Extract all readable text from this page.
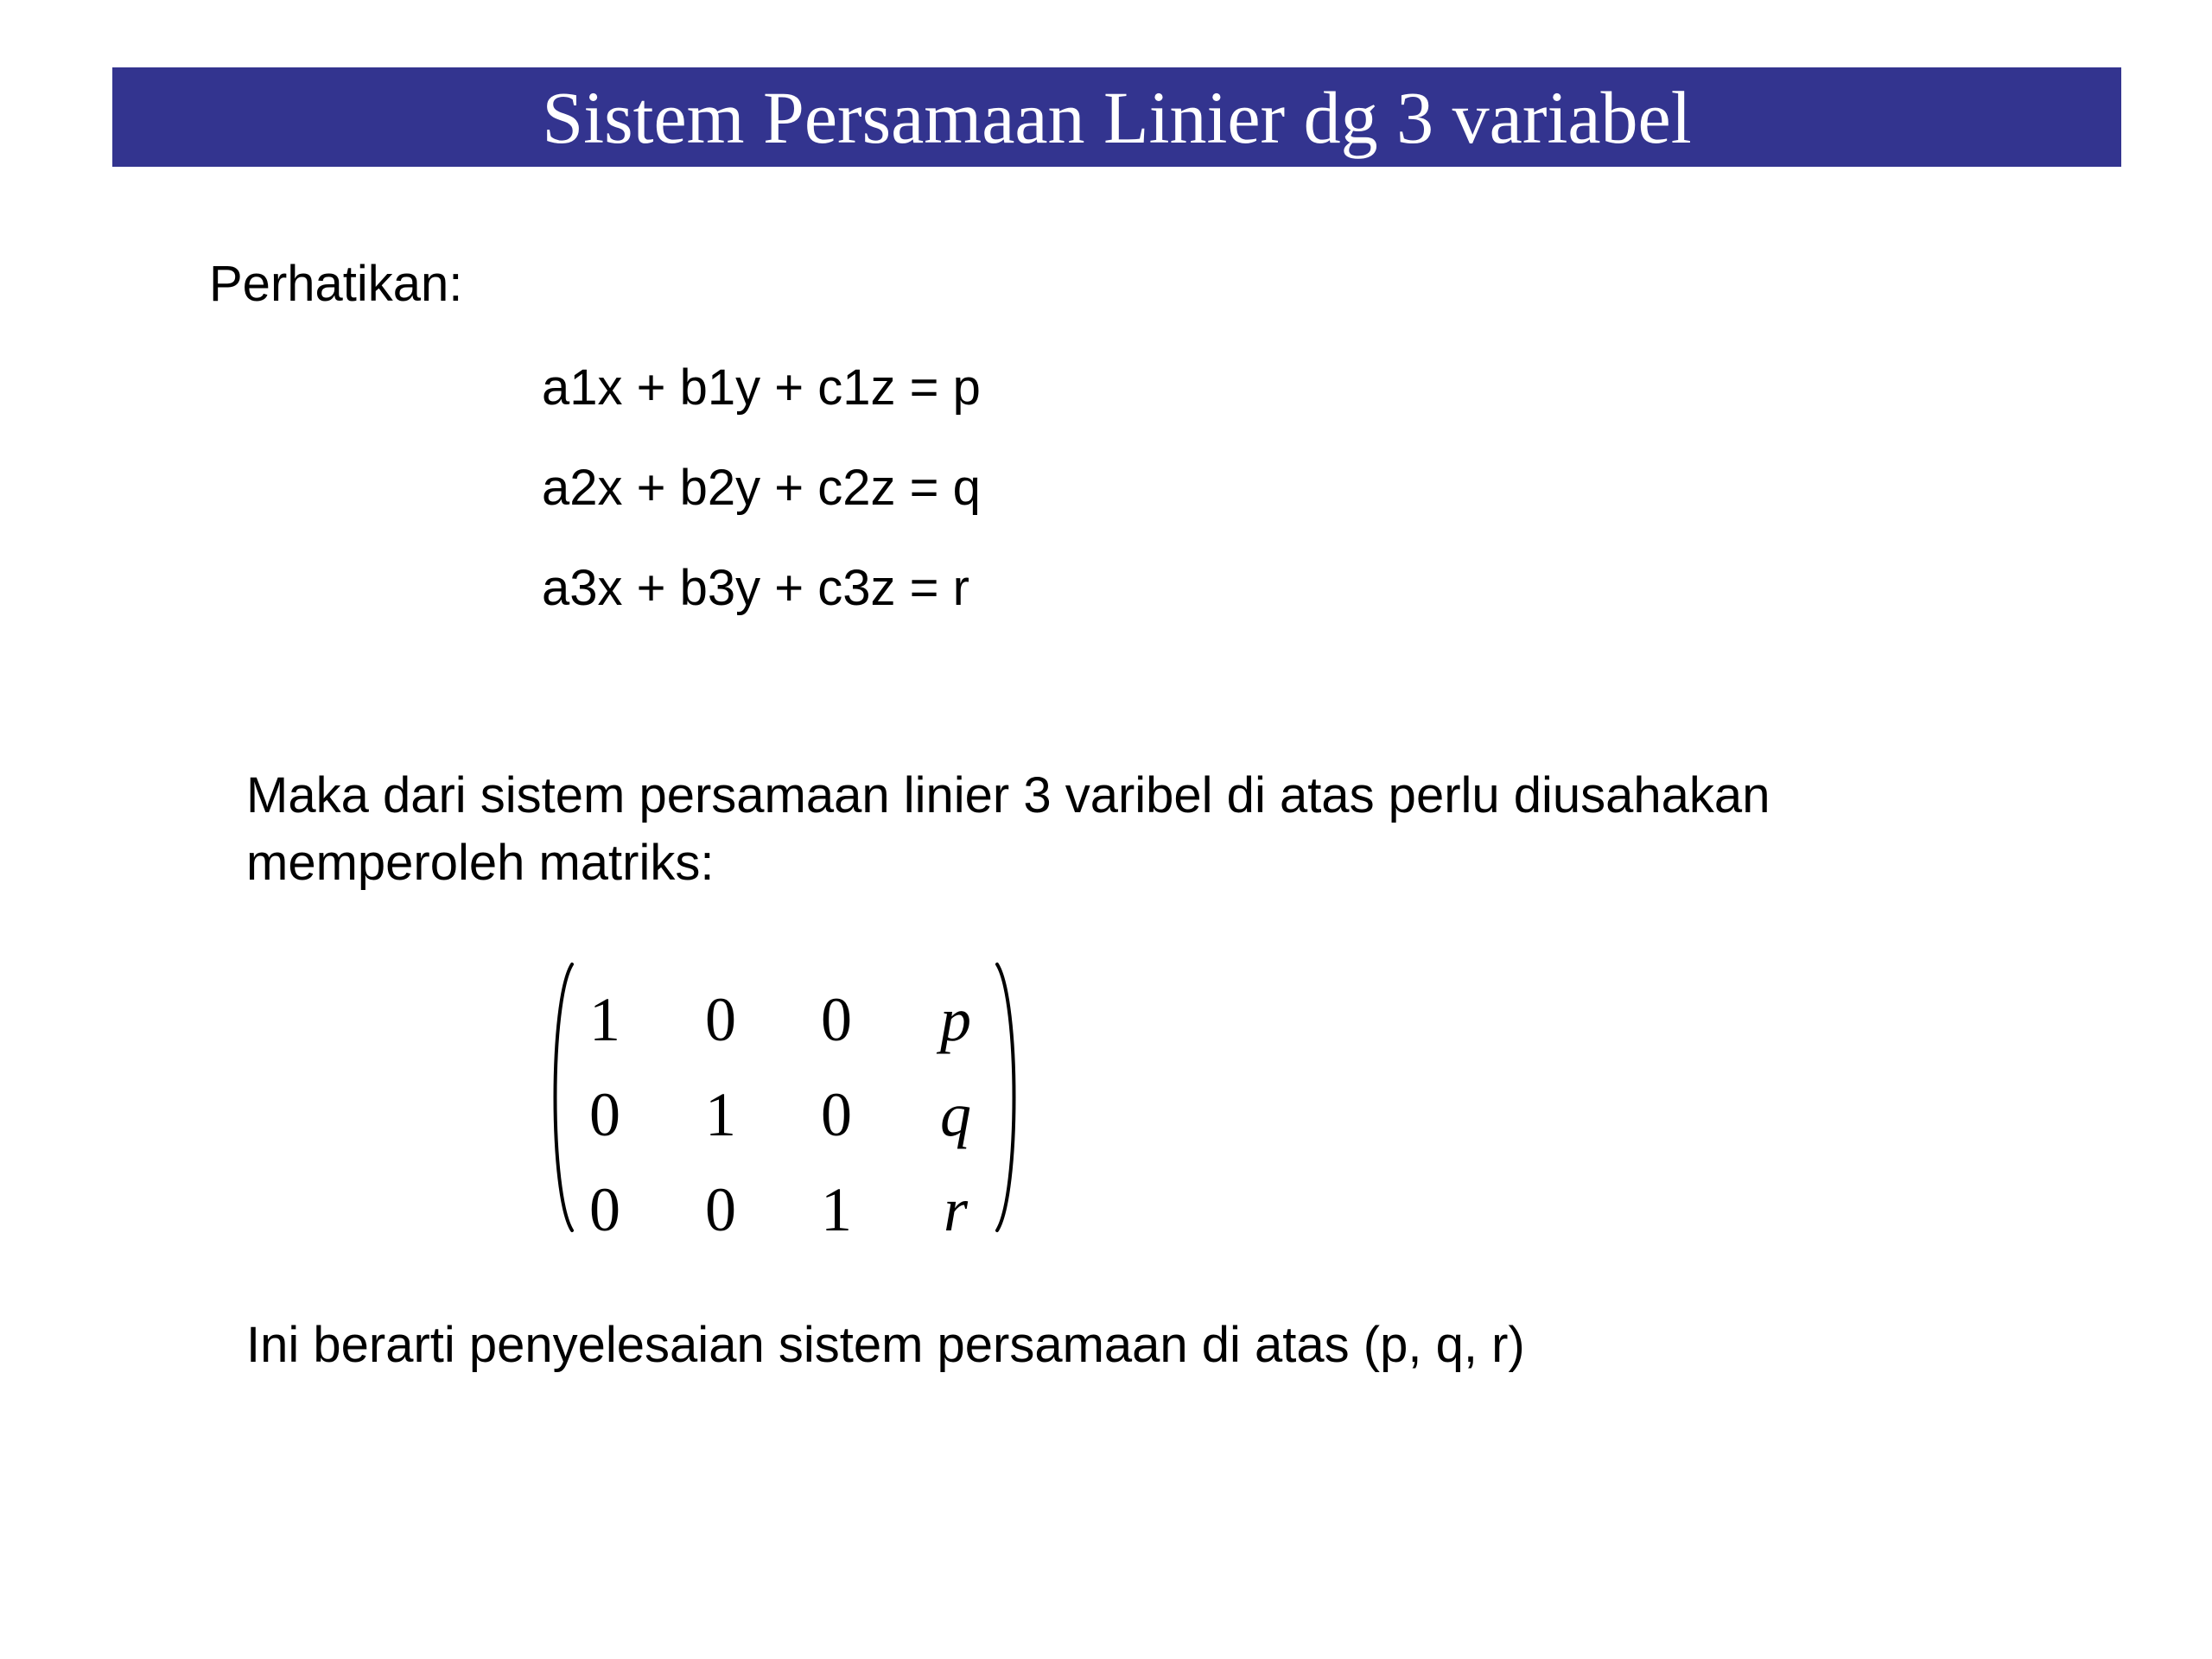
Sistem Persamaan Linier dg 3 variabel
Perhatikan:
a1x + b1y + c1z = p
a2x + b2y + c2z = q
a3x + b3y + c3z = r
Maka dari sistem persamaan linier 3 varibel di atas perlu diusahakan memperoleh matriks:
1	0	0	p
0	1	0	q
0	0	1	r
Ini berarti penyelesaian sistem persamaan di atas (p, q, r)
